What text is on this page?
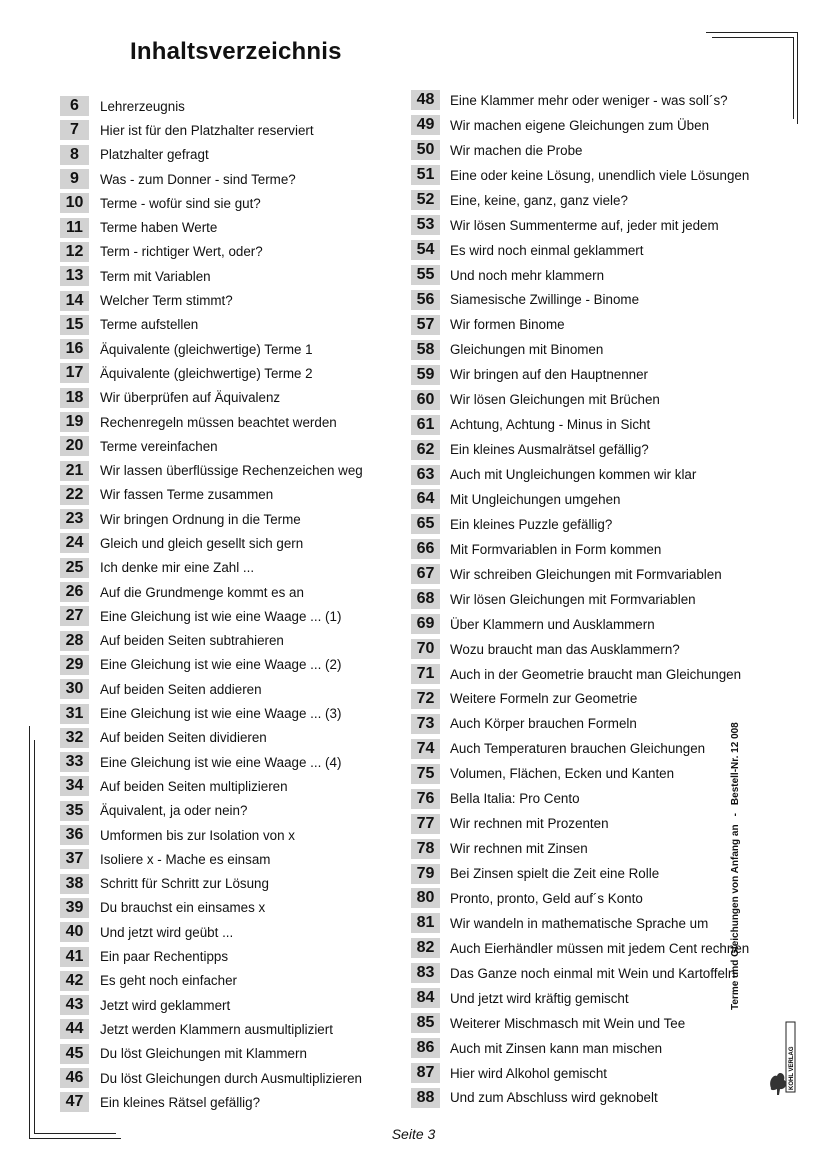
Inhaltsverzeichnis
6	Lehrerzeugnis
7	Hier ist für den Platzhalter reserviert
8	Platzhalter gefragt
9	Was - zum Donner - sind Terme?
10	Terme - wofür sind sie gut?
11	Terme haben Werte
12	Term - richtiger Wert, oder?
13	Term mit Variablen
14	Welcher Term stimmt?
15	Terme aufstellen
16	Äquivalente (gleichwertige) Terme 1
17	Äquivalente (gleichwertige) Terme 2
18	Wir überprüfen auf Äquivalenz
19	Rechenregeln müssen beachtet werden
20	Terme vereinfachen
21	Wir lassen überflüssige Rechenzeichen weg
22	Wir fassen Terme zusammen
23	Wir bringen Ordnung in die Terme
24	Gleich und gleich gesellt sich gern
25	Ich denke mir eine Zahl ...
26	Auf die Grundmenge kommt es an
27	Eine Gleichung ist wie eine Waage ... (1)
28	Auf beiden Seiten subtrahieren
29	Eine Gleichung ist wie eine Waage ... (2)
30	Auf beiden Seiten addieren
31	Eine Gleichung ist wie eine Waage ... (3)
32	Auf beiden Seiten dividieren
33	Eine Gleichung ist wie eine Waage ... (4)
34	Auf beiden Seiten multiplizieren
35	Äquivalent, ja oder nein?
36	Umformen bis zur Isolation von x
37	Isoliere x - Mache es einsam
38	Schritt für Schritt zur Lösung
39	Du brauchst ein einsames x
40	Und jetzt wird geübt ...
41	Ein paar Rechentipps
42	Es geht noch einfacher
43	Jetzt wird geklammert
44	Jetzt werden Klammern ausmultipliziert
45	Du löst Gleichungen mit Klammern
46	Du löst Gleichungen durch Ausmultiplizieren
47	Ein kleines Rätsel gefällig?
48	Eine Klammer mehr oder weniger - was soll´s?
49	Wir machen eigene Gleichungen zum Üben
50	Wir machen die Probe
51	Eine oder keine Lösung, unendlich viele Lösungen
52	Eine, keine, ganz, ganz viele?
53	Wir lösen Summenterme auf, jeder mit jedem
54	Es wird noch einmal geklammert
55	Und noch mehr klammern
56	Siamesische Zwillinge - Binome
57	Wir formen Binome
58	Gleichungen mit Binomen
59	Wir bringen auf den Hauptnenner
60	Wir lösen Gleichungen mit Brüchen
61	Achtung, Achtung - Minus in Sicht
62	Ein kleines Ausmalrätsel gefällig?
63	Auch mit Ungleichungen kommen wir klar
64	Mit Ungleichungen umgehen
65	Ein kleines Puzzle gefällig?
66	Mit Formvariablen in Form kommen
67	Wir schreiben Gleichungen mit Formvariablen
68	Wir lösen Gleichungen mit Formvariablen
69	Über Klammern und Ausklammern
70	Wozu braucht man das Ausklammern?
71	Auch in der Geometrie braucht man Gleichungen
72	Weitere Formeln zur Geometrie
73	Auch Körper brauchen Formeln
74	Auch Temperaturen brauchen Gleichungen
75	Volumen, Flächen, Ecken und Kanten
76	Bella Italia: Pro Cento
77	Wir rechnen mit Prozenten
78	Wir rechnen mit Zinsen
79	Bei Zinsen spielt die Zeit eine Rolle
80	Pronto, pronto, Geld auf´s Konto
81	Wir wandeln in mathematische Sprache um
82	Auch Eierhändler müssen mit jedem Cent rechnen
83	Das Ganze noch einmal mit Wein und Kartoffeln
84	Und jetzt wird kräftig gemischt
85	Weiterer Mischmasch mit Wein und Tee
86	Auch mit Zinsen kann man mischen
87	Hier wird Alkohol gemischt
88	Und zum Abschluss wird geknobelt
Seite 3
Terme und Gleichungen von Anfang an
-
Bestell-Nr. 12 008
KOHL VERLAG
